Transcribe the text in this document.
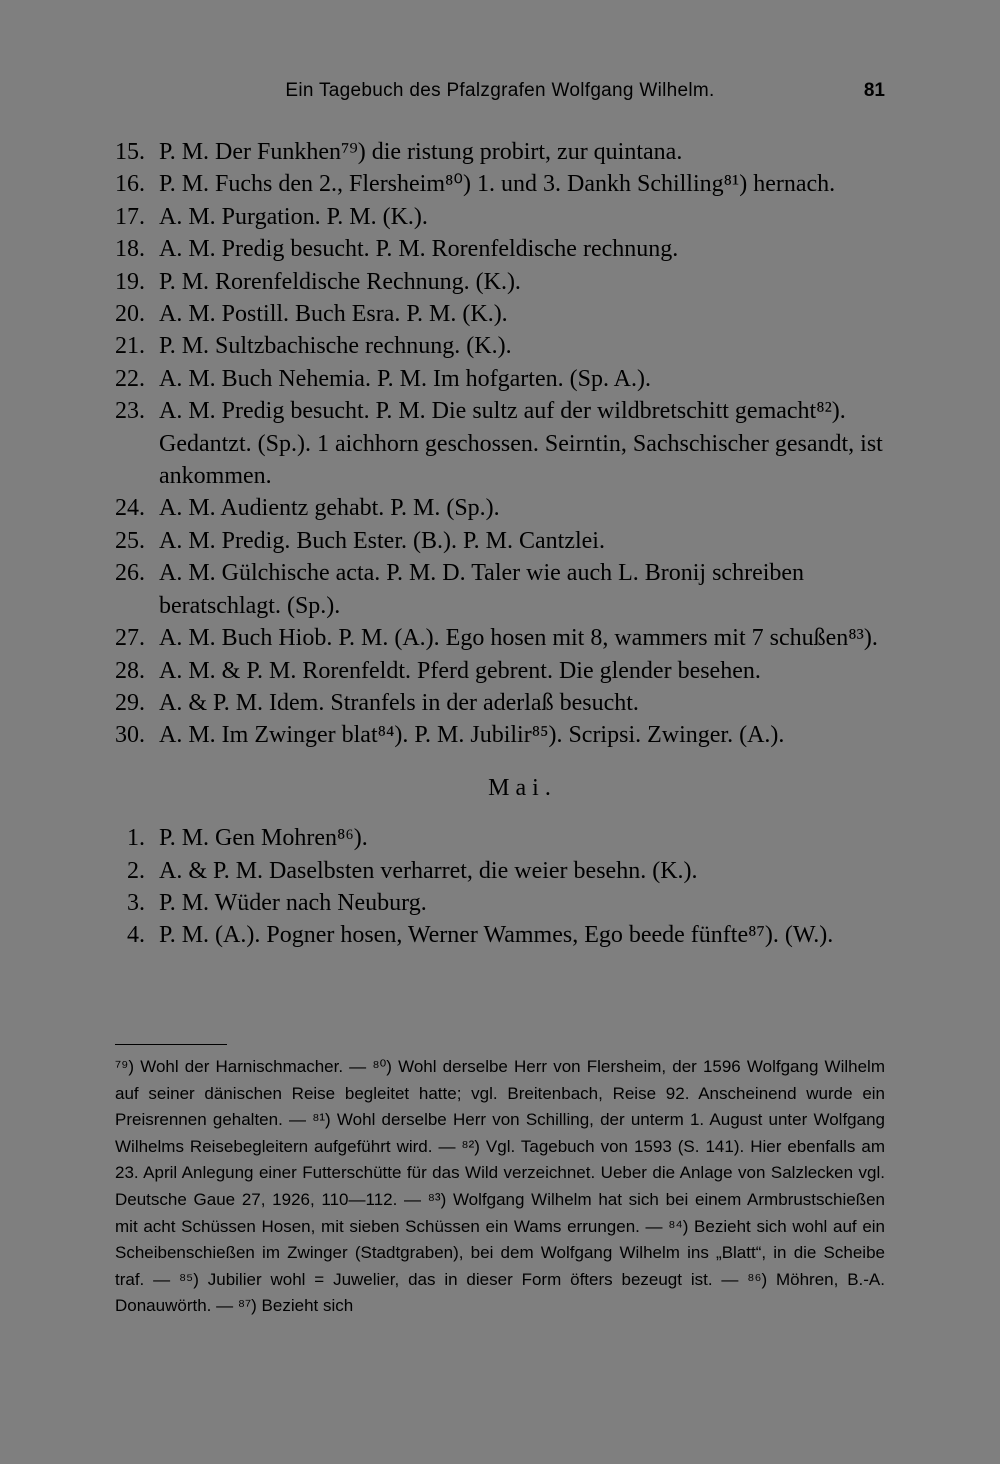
Ein Tagebuch des Pfalzgrafen Wolfgang Wilhelm.	81
15. P. M. Der Funkhen⁷⁹) die ristung probirt, zur quintana.
16. P. M. Fuchs den 2., Flersheim⁸⁰) 1. und 3. Dankh Schilling⁸¹) hernach.
17. A. M. Purgation. P. M. (K.).
18. A. M. Predig besucht. P. M. Rorenfeldische rechnung.
19. P. M. Rorenfeldische Rechnung. (K.).
20. A. M. Postill. Buch Esra. P. M. (K.).
21. P. M. Sultzbachische rechnung. (K.).
22. A. M. Buch Nehemia. P. M. Im hofgarten. (Sp. A.).
23. A. M. Predig besucht. P. M. Die sultz auf der wildbretschitt gemacht⁸²). Gedantzt. (Sp.). 1 aichhorn geschossen. Seirntin, Sachschischer gesandt, ist ankommen.
24. A. M. Audientz gehabt. P. M. (Sp.).
25. A. M. Predig. Buch Ester. (B.). P. M. Cantzlei.
26. A. M. Gülchische acta. P. M. D. Taler wie auch L. Bronij schreiben beratschlagt. (Sp.).
27. A. M. Buch Hiob. P. M. (A.). Ego hosen mit 8, wammers mit 7 schußen⁸³).
28. A. M. & P. M. Rorenfeldt. Pferd gebrent. Die glender besehen.
29. A. & P. M. Idem. Stranfels in der aderlaß besucht.
30. A. M. Im Zwinger blat⁸⁴). P. M. Jubilir⁸⁵). Scripsi. Zwinger. (A.).
Mai.
1. P. M. Gen Mohren⁸⁶).
2. A. & P. M. Daselbsten verharret, die weier besehn. (K.).
3. P. M. Wüder nach Neuburg.
4. P. M. (A.). Pogner hosen, Werner Wammes, Ego beede fünfte⁸⁷). (W.).
⁷⁹) Wohl der Harnischmacher. — ⁸⁰) Wohl derselbe Herr von Flersheim, der 1596 Wolfgang Wilhelm auf seiner dänischen Reise begleitet hatte; vgl. Breitenbach, Reise 92. Anscheinend wurde ein Preisrennen gehalten. — ⁸¹) Wohl derselbe Herr von Schilling, der unterm 1. August unter Wolfgang Wilhelms Reisebegleitern aufgeführt wird. — ⁸²) Vgl. Tagebuch von 1593 (S. 141). Hier ebenfalls am 23. April Anlegung einer Futterschütte für das Wild verzeichnet. Ueber die Anlage von Salzlecken vgl. Deutsche Gaue 27, 1926, 110—112. — ⁸³) Wolfgang Wilhelm hat sich bei einem Armbrustschießen mit acht Schüssen Hosen, mit sieben Schüssen ein Wams errungen. — ⁸⁴) Bezieht sich wohl auf ein Scheibenschießen im Zwinger (Stadtgraben), bei dem Wolfgang Wilhelm ins „Blatt“, in die Scheibe traf. — ⁸⁵) Jubilier wohl = Juwelier, das in dieser Form öfters bezeugt ist. — ⁸⁶) Möhren, B.-A. Donauwörth. — ⁸⁷) Bezieht sich
